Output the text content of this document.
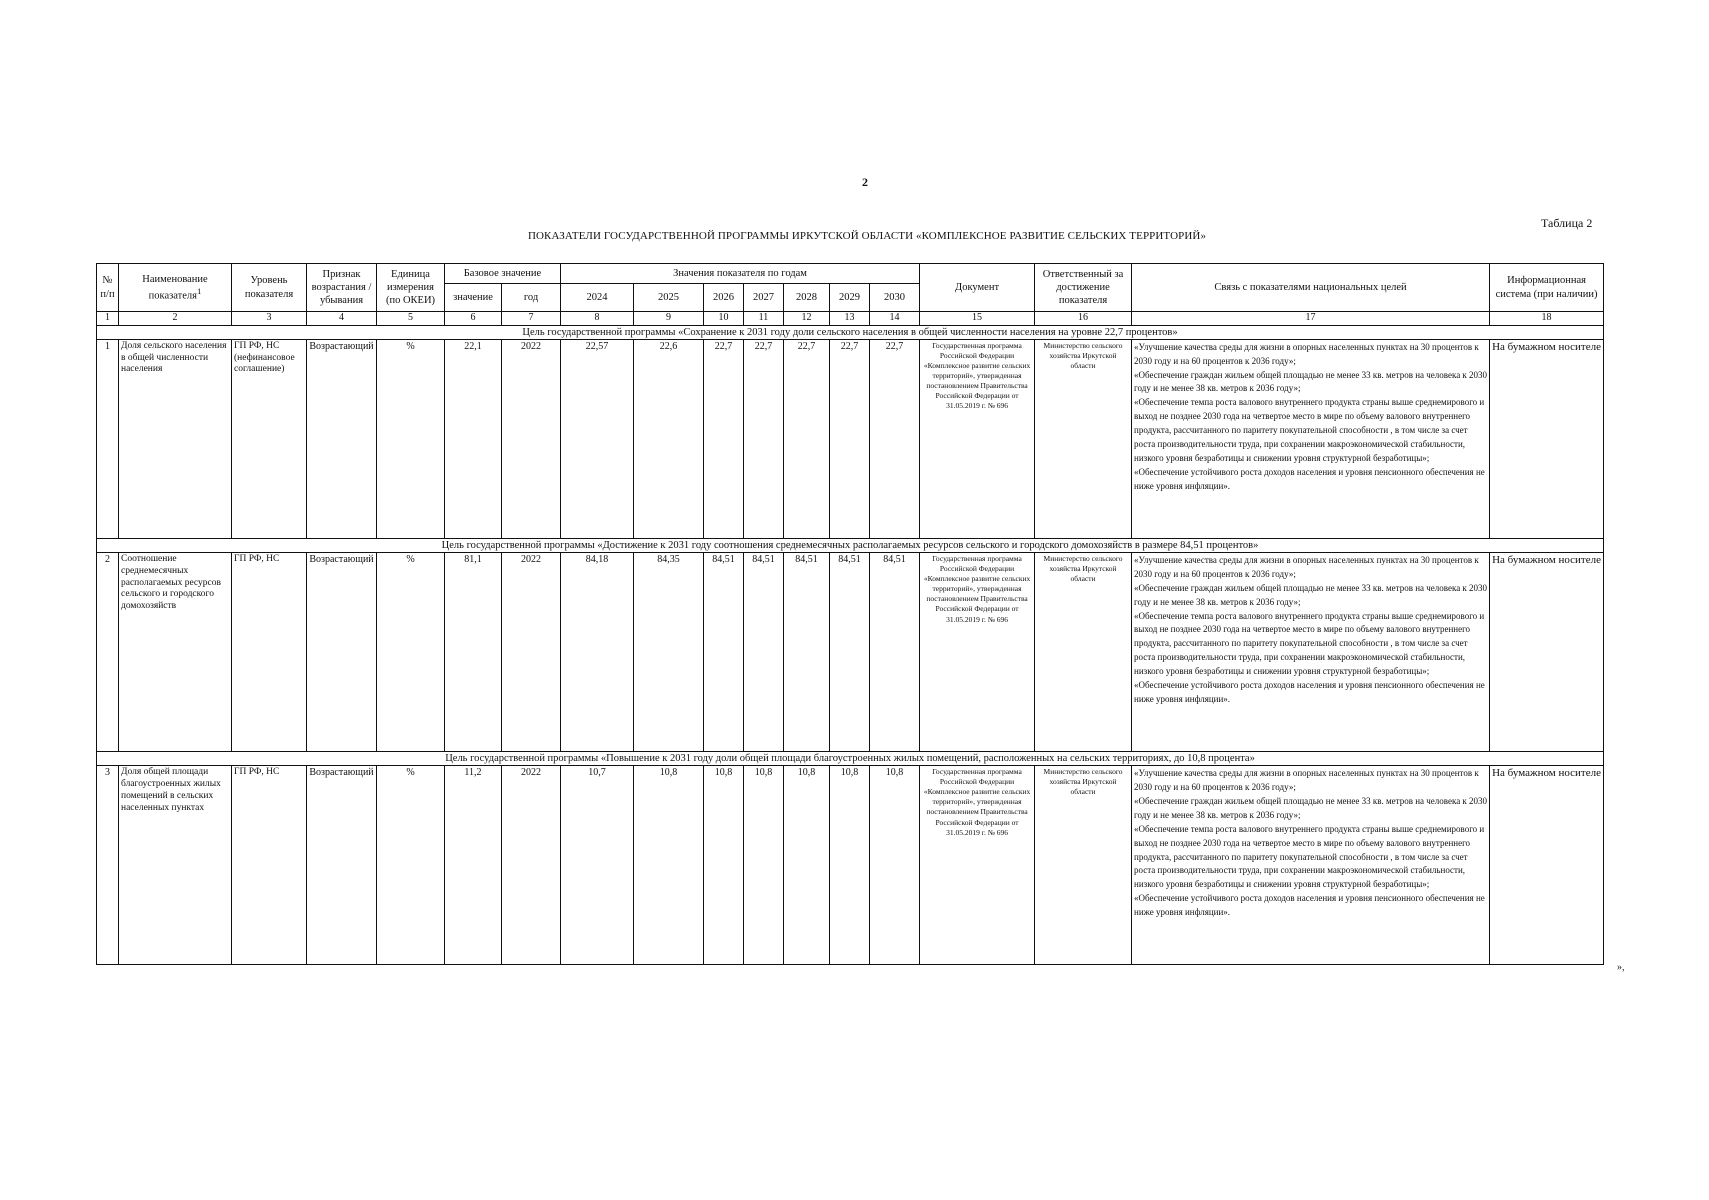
2
Таблица 2
ПОКАЗАТЕЛИ ГОСУДАРСТВЕННОЙ ПРОГРАММЫ ИРКУТСКОЙ ОБЛАСТИ «КОМПЛЕКСНОЕ РАЗВИТИЕ СЕЛЬСКИХ ТЕРРИТОРИЙ»
№ п/п	Наименование показателя$^1$	Уровень показателя	Признак возрастания /убывания	Единица измерения (по ОКЕИ)	Базовое значение		Значения показателя по годам							Документ	Ответственный за достижение показателя	Связь с показателями национальных целей	Информационная система (при наличии)
					значение	год	2024	2025	2026	2027	2028	2029	2030				
1	2	3	4	5	6	7	8	9	10	11	12	13	14	15	16	17	18
Цель государственной программы «Сохранение к 2031 году доли сельского населения в общей численности населения на уровне 22,7 процентов»																	
1	Доля сельского населения в общей численности населения	ГП РФ, НС (нефинансовое соглашение)	Возрастающий	%	22,1	2022	22,57	22,6	22,7	22,7	22,7	22,7	22,7	Государственная программа Российской Федерации «Комплексное развитие сельских территорий», утвержденная постановлением Правительства Российской Федерации от 31.05.2019 г. № 696	Министерство сельского хозяйства Иркутской области	«Улучшение качества среды для жизни в опорных населенных пунктах на 30 процентов к 2030 году и на 60 процентов к 2036 году»;
«Обеспечение граждан жильем общей площадью не менее 33 кв. метров на человека к 2030 году и не менее 38 кв. метров к 2036 году»;
«Обеспечение темпа роста валового внутреннего продукта страны выше среднемирового и выход не позднее 2030 года на четвертое место в мире по объему валового внутреннего продукта, рассчитанного по паритету покупательной способности , в том числе за счет роста производительности труда, при сохранении макроэкономической стабильности, низкого уровня безработицы и снижении уровня структурной безработицы»;
«Обеспечение устойчивого роста доходов населения и уровня пенсионного обеспечения не ниже уровня инфляции».	На бумажном носителе
Цель государственной программы «Достижение к 2031 году соотношения среднемесячных располагаемых ресурсов сельского и городского домохозяйств в размере 84,51 процентов»																	
2	Соотношение среднемесячных располагаемых ресурсов сельского и городского домохозяйств	ГП РФ, НС	Возрастающий	%	81,1	2022	84,18	84,35	84,51	84,51	84,51	84,51	84,51	Государственная программа Российской Федерации «Комплексное развитие сельских территорий», утвержденная постановлением Правительства Российской Федерации от 31.05.2019 г. № 696	Министерство сельского хозяйства Иркутской области	«Улучшение качества среды для жизни в опорных населенных пунктах на 30 процентов к 2030 году и на 60 процентов к 2036 году»;
«Обеспечение граждан жильем общей площадью не менее 33 кв. метров на человека к 2030 году и не менее 38 кв. метров к 2036 году»;
«Обеспечение темпа роста валового внутреннего продукта страны выше среднемирового и выход не позднее 2030 года на четвертое место в мире по объему валового внутреннего продукта, рассчитанного по паритету покупательной способности , в том числе за счет роста производительности труда, при сохранении макроэкономической стабильности, низкого уровня безработицы и снижении уровня структурной безработицы»;
«Обеспечение устойчивого роста доходов населения и уровня пенсионного обеспечения не ниже уровня инфляции».	На бумажном носителе
Цель государственной программы «Повышение к 2031 году доли общей площади благоустроенных жилых помещений, расположенных на сельских территориях, до 10,8 процента»																	
3	Доля общей площади благоустроенных жилых помещений в сельских населенных пунктах	ГП РФ, НС	Возрастающий	%	11,2	2022	10,7	10,8	10,8	10,8	10,8	10,8	10,8	Государственная программа Российской Федерации «Комплексное развитие сельских территорий», утвержденная постановлением Правительства Российской Федерации от 31.05.2019 г. № 696	Министерство сельского хозяйства Иркутской области	«Улучшение качества среды для жизни в опорных населенных пунктах на 30 процентов к 2030 году и на 60 процентов к 2036 году»;
«Обеспечение граждан жильем общей площадью не менее 33 кв. метров на человека к 2030 году и не менее 38 кв. метров к 2036 году»;
«Обеспечение темпа роста валового внутреннего продукта страны выше среднемирового и выход не позднее 2030 года на четвертое место в мире по объему валового внутреннего продукта, рассчитанного по паритету покупательной способности , в том числе за счет роста производительности труда, при сохранении макроэкономической стабильности, низкого уровня безработицы и снижении уровня структурной безработицы»;
«Обеспечение устойчивого роста доходов населения и уровня пенсионного обеспечения не ниже уровня инфляции».	На бумажном носителе
»,
